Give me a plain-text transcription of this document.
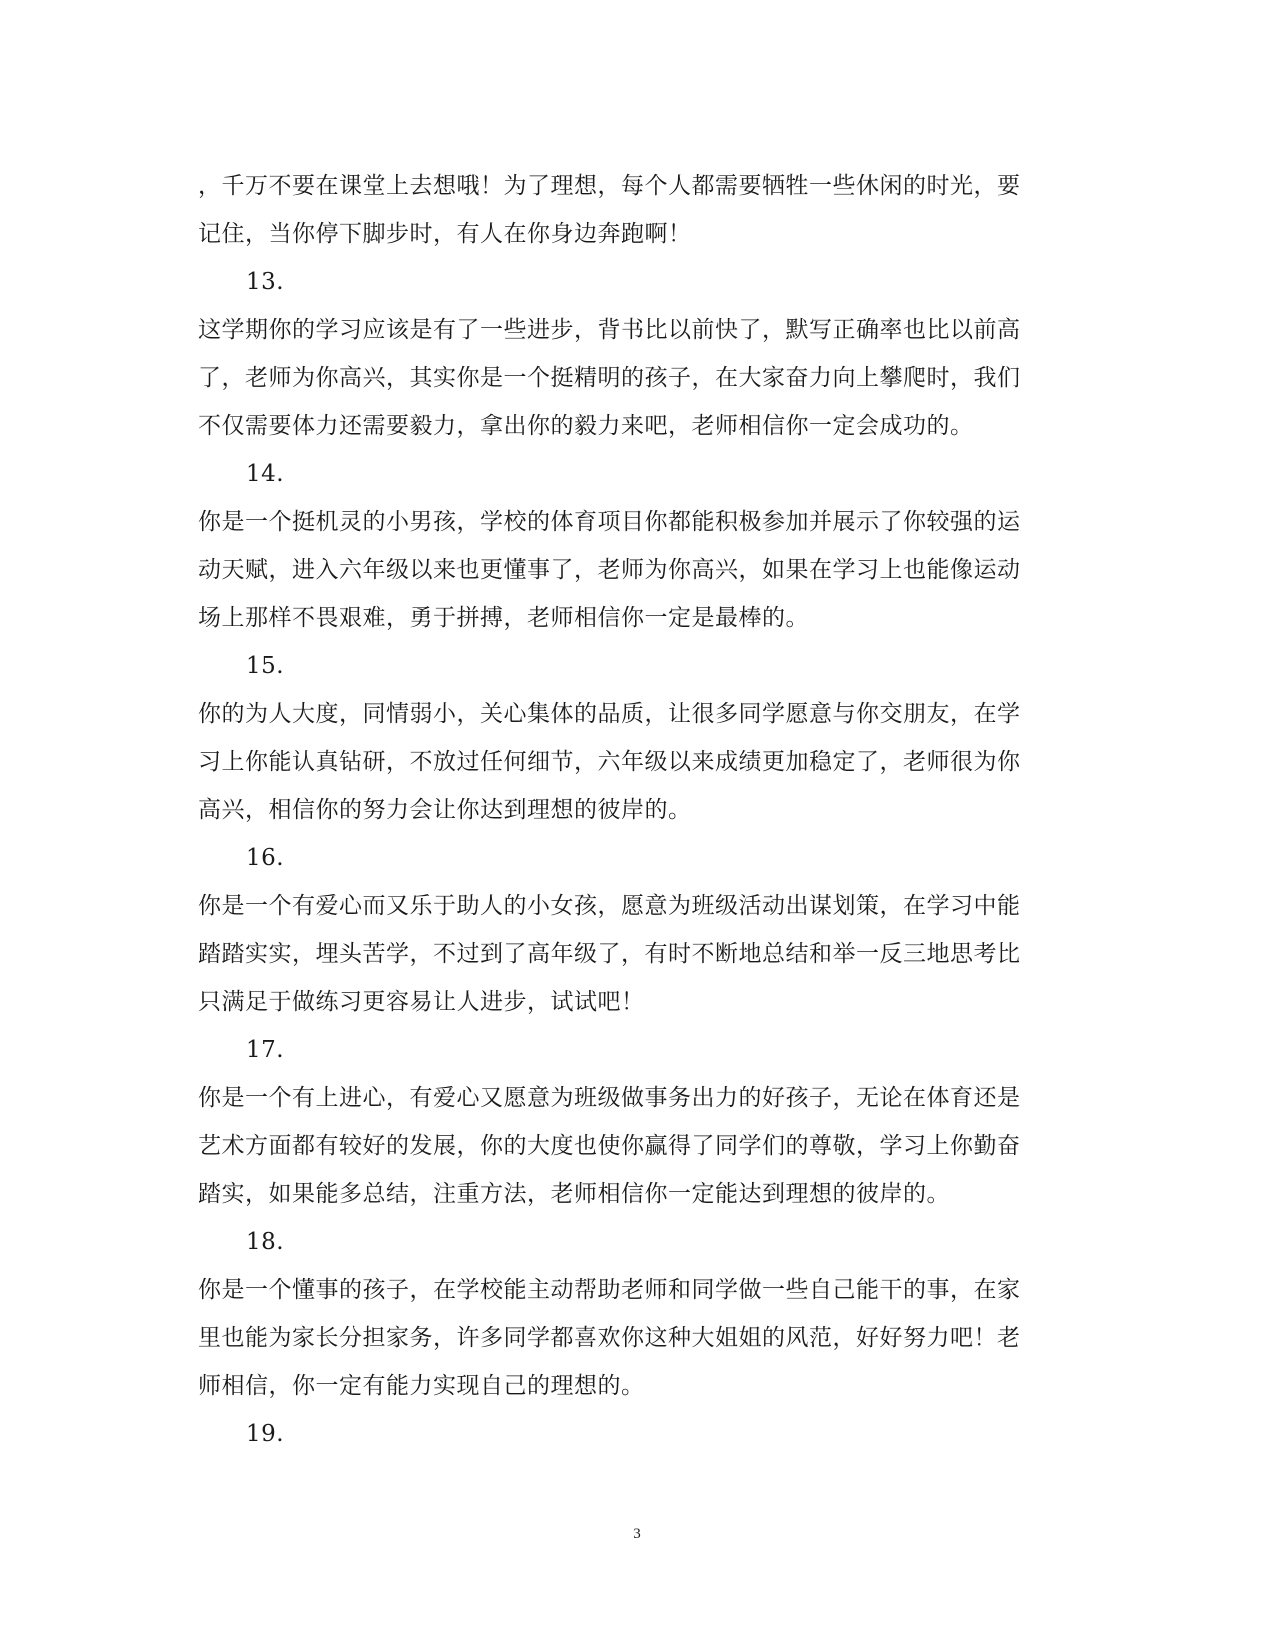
，千万不要在课堂上去想哦！为了理想，每个人都需要牺牲一些休闲的时光，要
记住，当你停下脚步时，有人在你身边奔跑啊！
13.
这学期你的学习应该是有了一些进步，背书比以前快了，默写正确率也比以前高
了，老师为你高兴，其实你是一个挺精明的孩子，在大家奋力向上攀爬时，我们
不仅需要体力还需要毅力，拿出你的毅力来吧，老师相信你一定会成功的。
14.
你是一个挺机灵的小男孩，学校的体育项目你都能积极参加并展示了你较强的运
动天赋，进入六年级以来也更懂事了，老师为你高兴，如果在学习上也能像运动
场上那样不畏艰难，勇于拼搏，老师相信你一定是最棒的。
15.
你的为人大度，同情弱小，关心集体的品质，让很多同学愿意与你交朋友，在学
习上你能认真钻研，不放过任何细节，六年级以来成绩更加稳定了，老师很为你
高兴，相信你的努力会让你达到理想的彼岸的。
16.
你是一个有爱心而又乐于助人的小女孩，愿意为班级活动出谋划策，在学习中能
踏踏实实，埋头苦学，不过到了高年级了，有时不断地总结和举一反三地思考比
只满足于做练习更容易让人进步，试试吧！
17.
你是一个有上进心，有爱心又愿意为班级做事务出力的好孩子，无论在体育还是
艺术方面都有较好的发展，你的大度也使你赢得了同学们的尊敬，学习上你勤奋
踏实，如果能多总结，注重方法，老师相信你一定能达到理想的彼岸的。
18.
你是一个懂事的孩子，在学校能主动帮助老师和同学做一些自己能干的事，在家
里也能为家长分担家务，许多同学都喜欢你这种大姐姐的风范，好好努力吧！老
师相信，你一定有能力实现自己的理想的。
19.
3
